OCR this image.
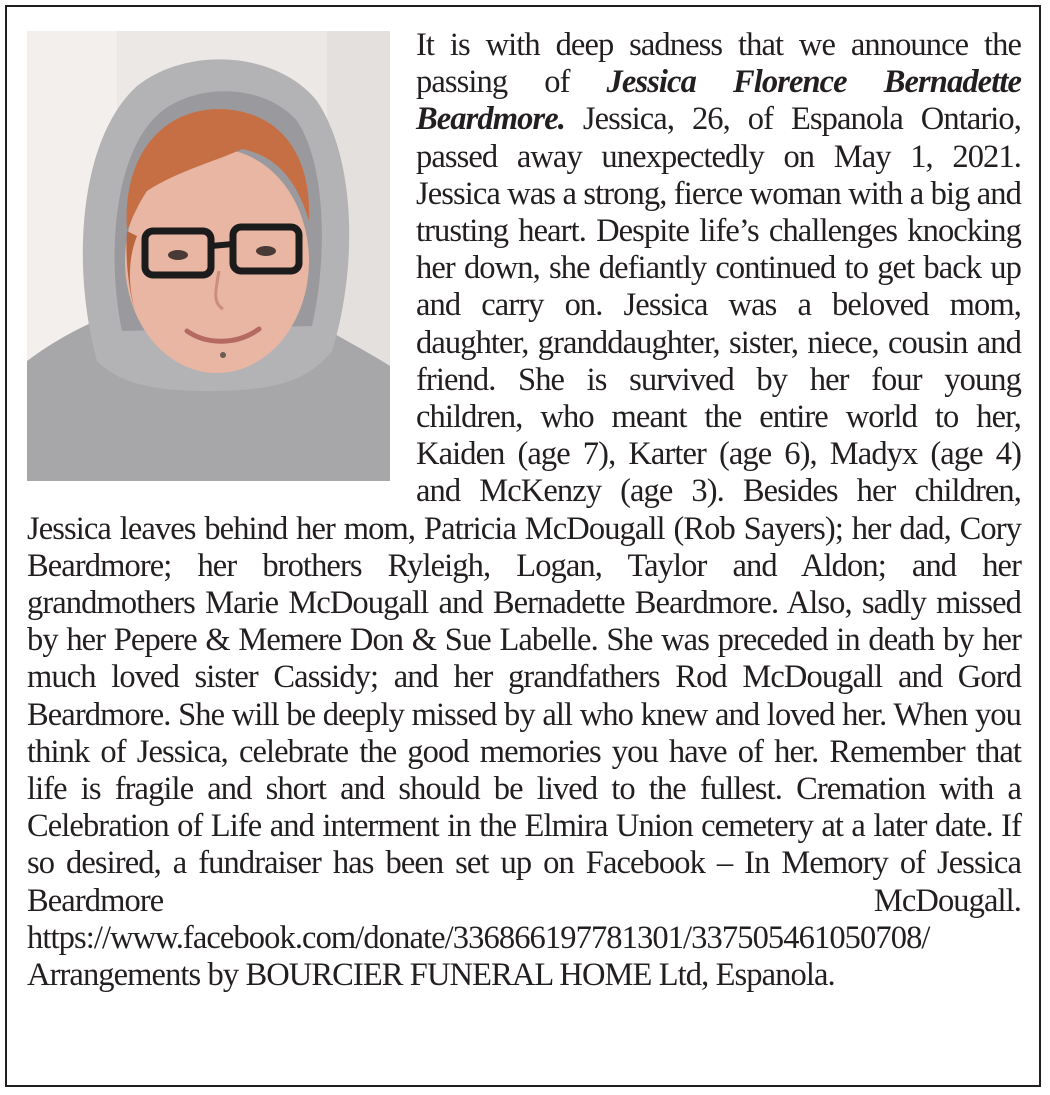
It is with deep sadness that we announce the passing of Jessica Florence Bernadette Beardmore. Jessica, 26, of Espanola Ontario, passed away unexpectedly on May 1, 2021. Jessica was a strong, fierce woman with a big and trusting heart. Despite life’s challenges knocking her down, she defiantly continued to get back up and carry on. Jessica was a beloved mom, daughter, granddaughter, sister, niece, cousin and friend. She is survived by her four young children, who meant the entire world to her, Kaiden (age 7), Karter (age 6), Madyx (age 4) and McKenzy (age 3). Besides her children, Jessica leaves behind her mom, Patricia McDougall (Rob Sayers); her dad, Cory Beardmore; her brothers Ryleigh, Logan, Taylor and Aldon; and her grandmothers Marie McDougall and Bernadette Beardmore. Also, sadly missed by her Pepere & Memere Don & Sue Labelle. She was preceded in death by her much loved sister Cassidy; and her grandfathers Rod McDougall and Gord Beardmore. She will be deeply missed by all who knew and loved her. When you think of Jessica, celebrate the good memories you have of her. Remember that life is fragile and short and should be lived to the fullest. Cremation with a Celebration of Life and interment in the Elmira Union cemetery at a later date. If so desired, a fundraiser has been set up on Facebook – In Memory of Jessica Beardmore McDougall. https://www.facebook.com/donate/336866197781301/337505461050708/ Arrangements by BOURCIER FUNERAL HOME Ltd, Espanola.
